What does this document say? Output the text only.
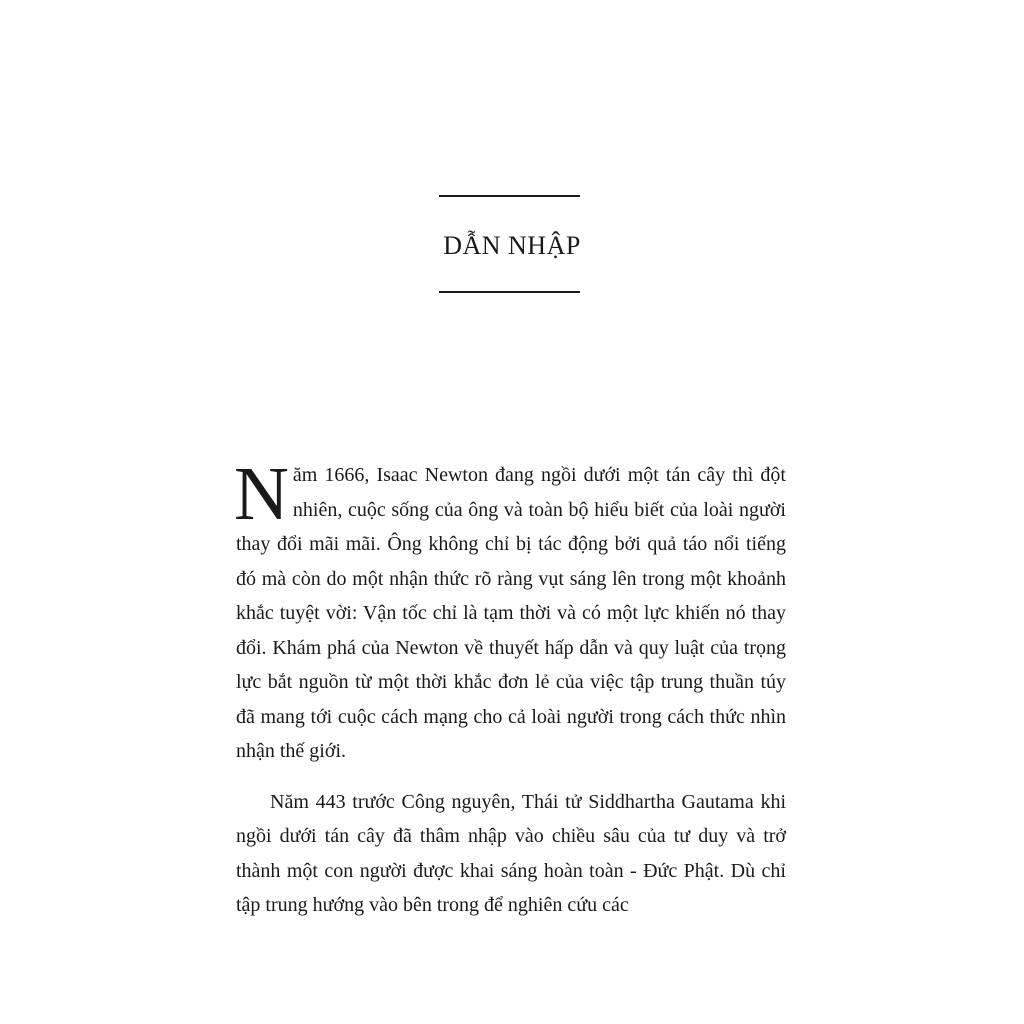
DẪN NHẬP

Năm 1666, Isaac Newton đang ngồi dưới một tán cây thì đột nhiên, cuộc sống của ông và toàn bộ hiểu biết của loài người thay đổi mãi mãi. Ông không chỉ bị tác động bởi quả táo nổi tiếng đó mà còn do một nhận thức rõ ràng vụt sáng lên trong một khoảnh khắc tuyệt vời: Vận tốc chỉ là tạm thời và có một lực khiến nó thay đổi. Khám phá của Newton về thuyết hấp dẫn và quy luật của trọng lực bắt nguồn từ một thời khắc đơn lẻ của việc tập trung thuần túy đã mang tới cuộc cách mạng cho cả loài người trong cách thức nhìn nhận thế giới.

Năm 443 trước Công nguyên, Thái tử Siddhartha Gautama khi ngồi dưới tán cây đã thâm nhập vào chiều sâu của tư duy và trở thành một con người được khai sáng hoàn toàn - Đức Phật. Dù chỉ tập trung hướng vào bên trong để nghiên cứu các
